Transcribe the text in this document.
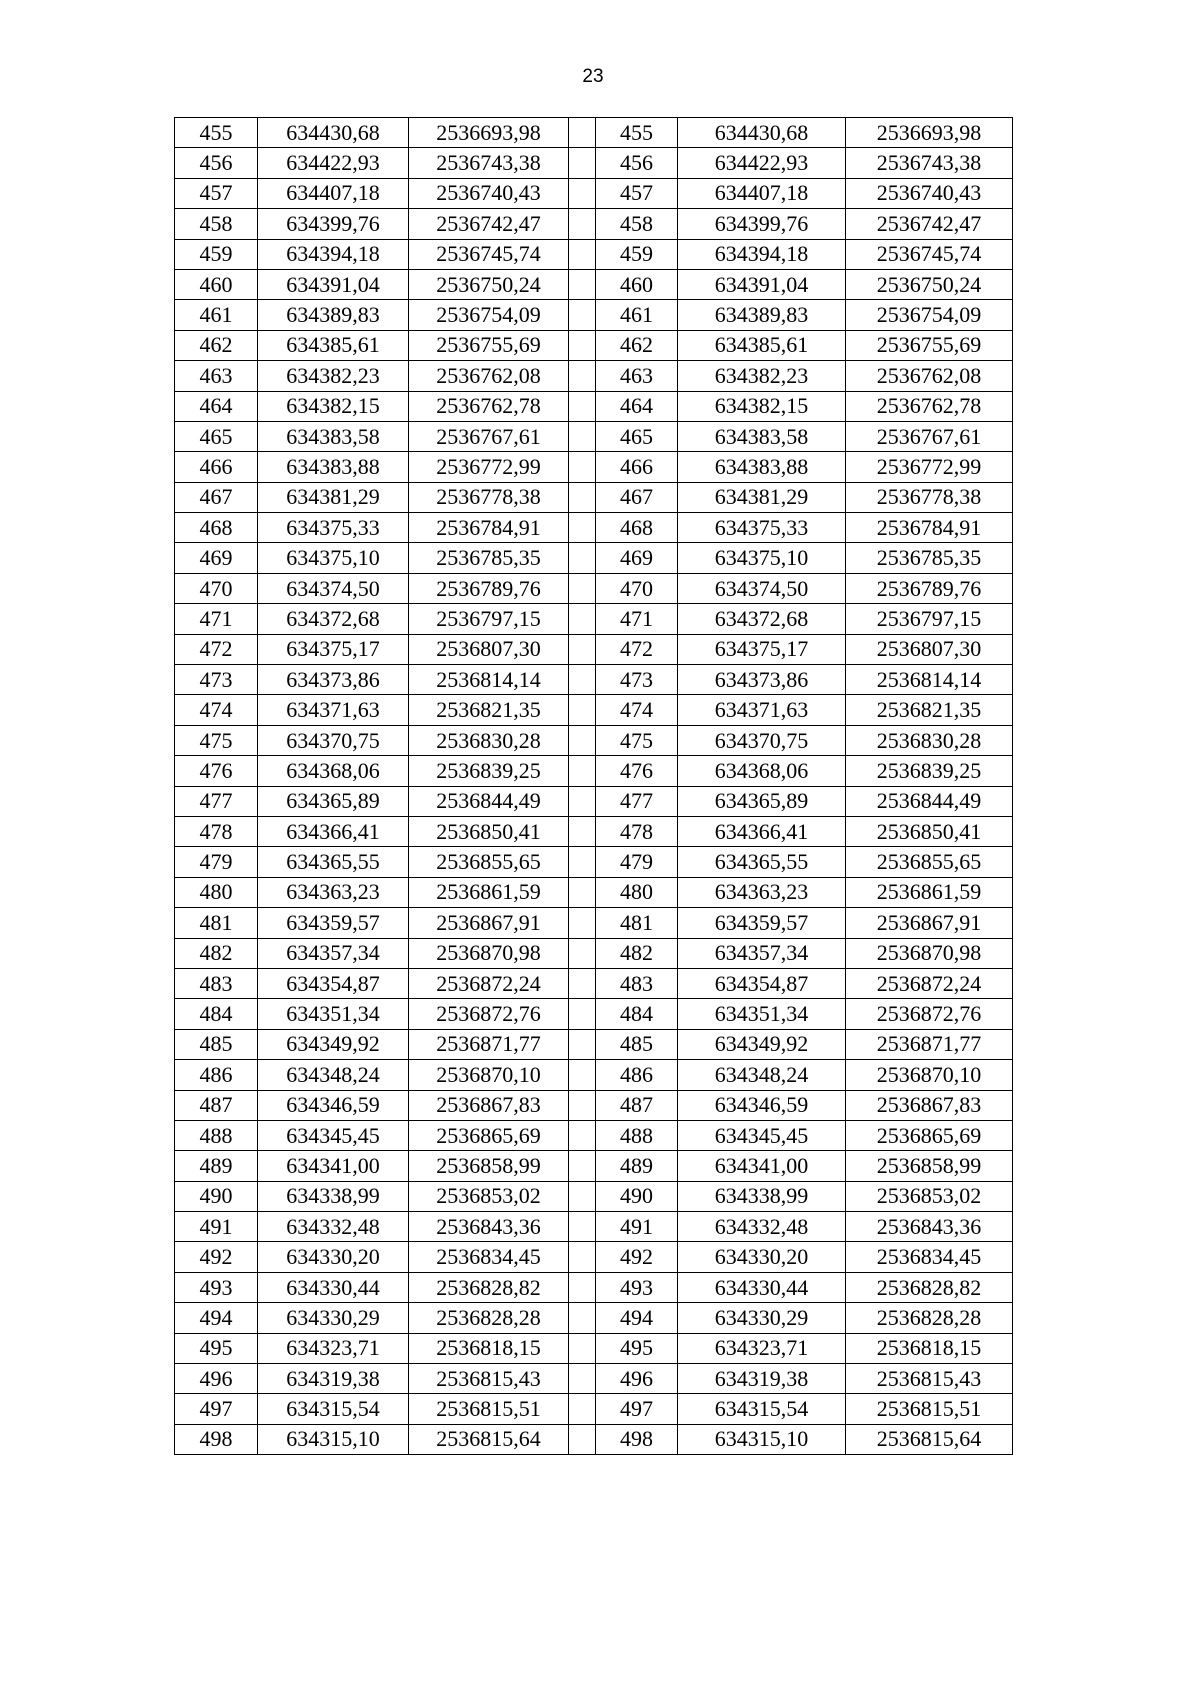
23
455	634430,68	2536693,98		455	634430,68	2536693,98
456	634422,93	2536743,38		456	634422,93	2536743,38
457	634407,18	2536740,43		457	634407,18	2536740,43
458	634399,76	2536742,47		458	634399,76	2536742,47
459	634394,18	2536745,74		459	634394,18	2536745,74
460	634391,04	2536750,24		460	634391,04	2536750,24
461	634389,83	2536754,09		461	634389,83	2536754,09
462	634385,61	2536755,69		462	634385,61	2536755,69
463	634382,23	2536762,08		463	634382,23	2536762,08
464	634382,15	2536762,78		464	634382,15	2536762,78
465	634383,58	2536767,61		465	634383,58	2536767,61
466	634383,88	2536772,99		466	634383,88	2536772,99
467	634381,29	2536778,38		467	634381,29	2536778,38
468	634375,33	2536784,91		468	634375,33	2536784,91
469	634375,10	2536785,35		469	634375,10	2536785,35
470	634374,50	2536789,76		470	634374,50	2536789,76
471	634372,68	2536797,15		471	634372,68	2536797,15
472	634375,17	2536807,30		472	634375,17	2536807,30
473	634373,86	2536814,14		473	634373,86	2536814,14
474	634371,63	2536821,35		474	634371,63	2536821,35
475	634370,75	2536830,28		475	634370,75	2536830,28
476	634368,06	2536839,25		476	634368,06	2536839,25
477	634365,89	2536844,49		477	634365,89	2536844,49
478	634366,41	2536850,41		478	634366,41	2536850,41
479	634365,55	2536855,65		479	634365,55	2536855,65
480	634363,23	2536861,59		480	634363,23	2536861,59
481	634359,57	2536867,91		481	634359,57	2536867,91
482	634357,34	2536870,98		482	634357,34	2536870,98
483	634354,87	2536872,24		483	634354,87	2536872,24
484	634351,34	2536872,76		484	634351,34	2536872,76
485	634349,92	2536871,77		485	634349,92	2536871,77
486	634348,24	2536870,10		486	634348,24	2536870,10
487	634346,59	2536867,83		487	634346,59	2536867,83
488	634345,45	2536865,69		488	634345,45	2536865,69
489	634341,00	2536858,99		489	634341,00	2536858,99
490	634338,99	2536853,02		490	634338,99	2536853,02
491	634332,48	2536843,36		491	634332,48	2536843,36
492	634330,20	2536834,45		492	634330,20	2536834,45
493	634330,44	2536828,82		493	634330,44	2536828,82
494	634330,29	2536828,28		494	634330,29	2536828,28
495	634323,71	2536818,15		495	634323,71	2536818,15
496	634319,38	2536815,43		496	634319,38	2536815,43
497	634315,54	2536815,51		497	634315,54	2536815,51
498	634315,10	2536815,64		498	634315,10	2536815,64
